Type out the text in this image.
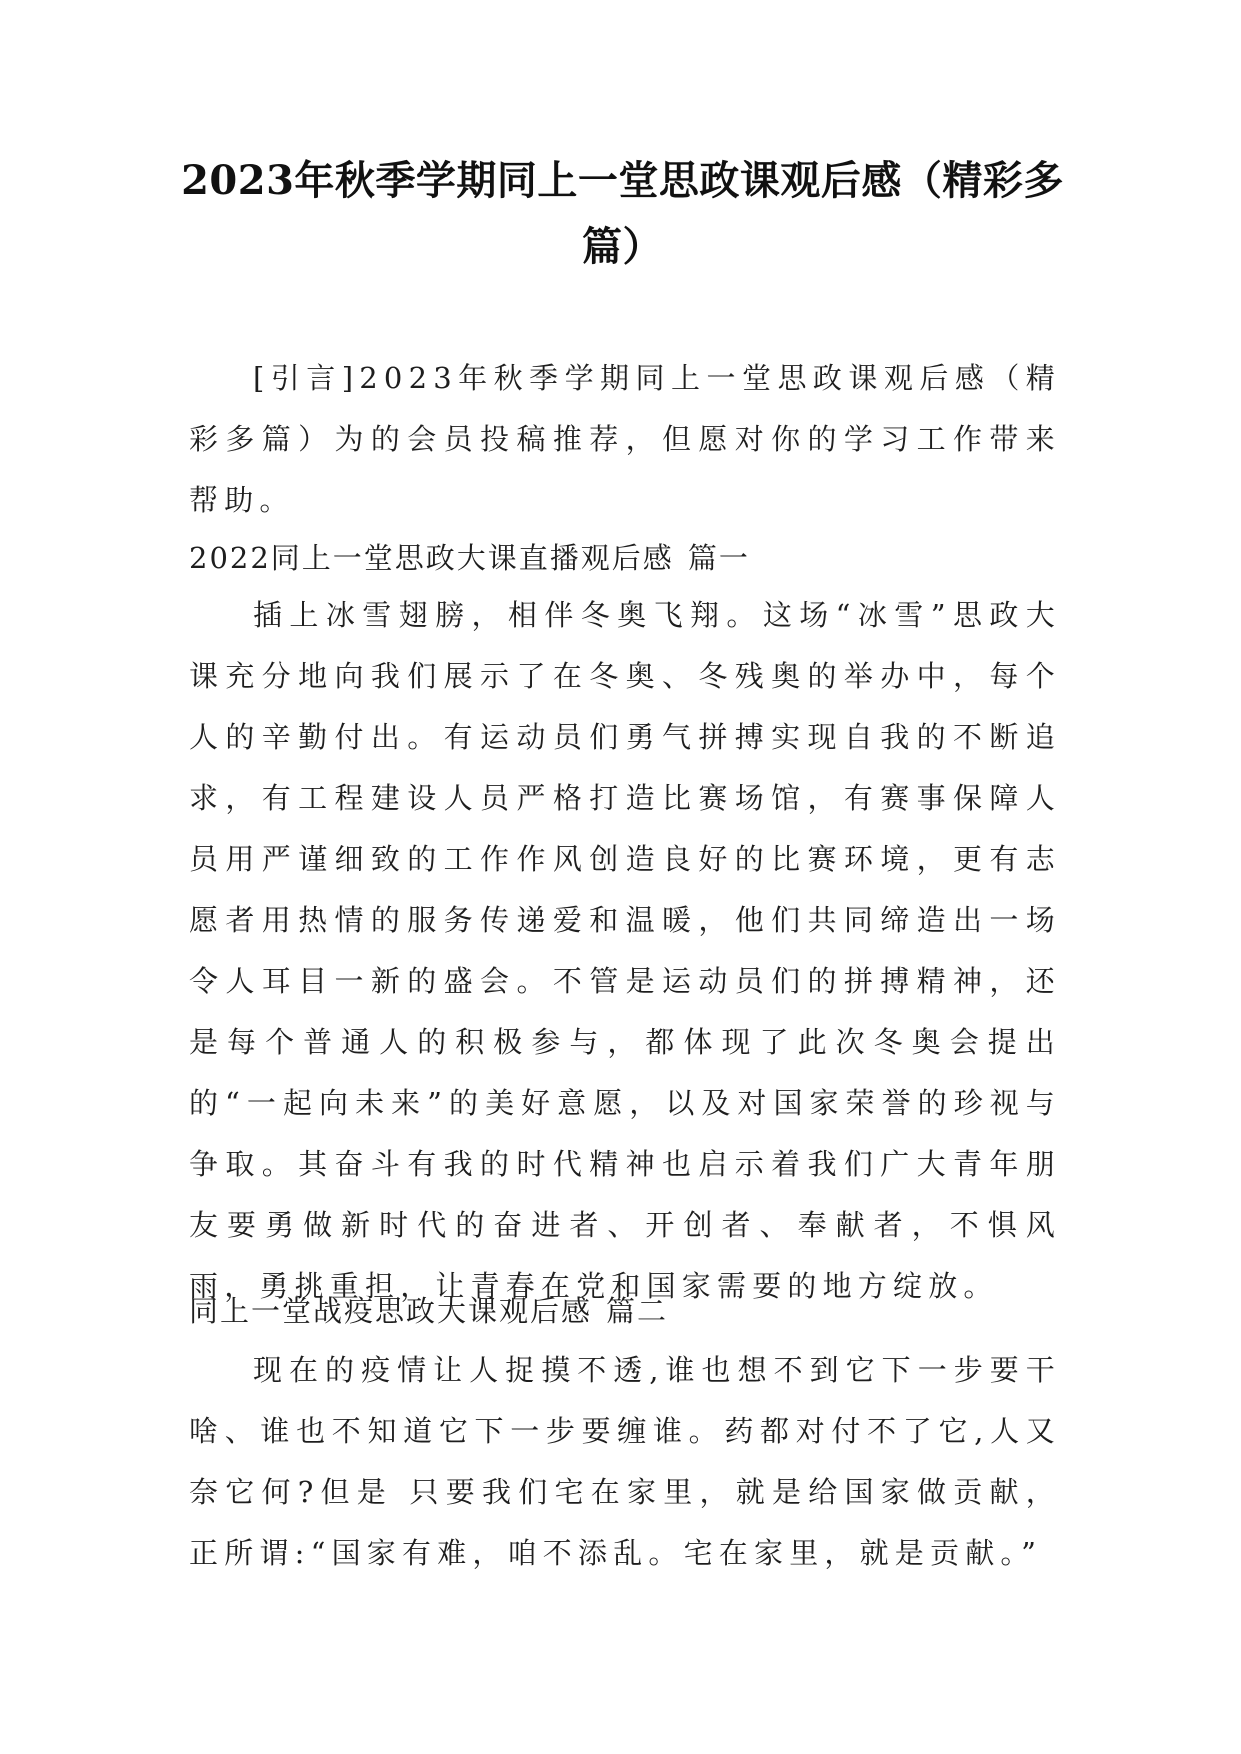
2023年秋季学期同上一堂思政课观后感（精彩多篇）

[引言]2023年秋季学期同上一堂思政课观后感（精彩多篇）为的会员投稿推荐，但愿对你的学习工作带来帮助。

2022同上一堂思政大课直播观后感 篇一

插上冰雪翅膀，相伴冬奥飞翔。这场“冰雪”思政大课充分地向我们展示了在冬奥、冬残奥的举办中，每个人的辛勤付出。有运动员们勇气拼搏实现自我的不断追求，有工程建设人员严格打造比赛场馆，有赛事保障人员用严谨细致的工作作风创造良好的比赛环境，更有志愿者用热情的服务传递爱和温暖，他们共同缔造出一场令人耳目一新的盛会。不管是运动员们的拼搏精神，还是每个普通人的积极参与，都体现了此次冬奥会提出的“一起向未来”的美好意愿，以及对国家荣誉的珍视与争取。其奋斗有我的时代精神也启示着我们广大青年朋友要勇做新时代的奋进者、开创者、奉献者，不惧风雨，勇挑重担，让青春在党和国家需要的地方绽放。

同上一堂战疫思政大课观后感 篇二

现在的疫情让人捉摸不透,谁也想不到它下一步要干啥、谁也不知道它下一步要缠谁。药都对付不了它,人又奈它何?但是 只要我们宅在家里，就是给国家做贡献，正所谓:“国家有难，咱不添乱。宅在家里，就是贡献。”
